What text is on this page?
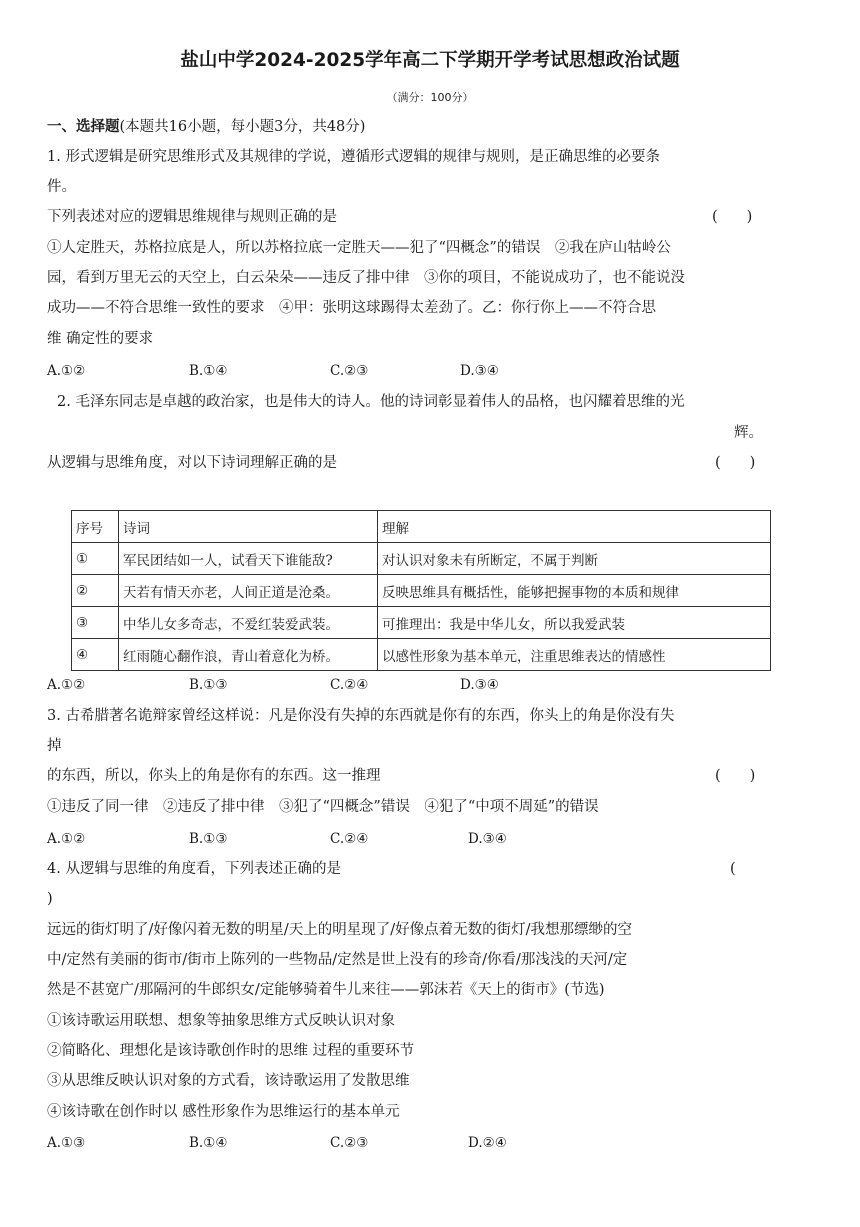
盐山中学2024-2025学年高二下学期开学考试思想政治试题
（满分：100分）
一、选择题(本题共16小题，每小题3分，共48分)
1. 形式逻辑是研究思维形式及其规律的学说，遵循形式逻辑的规律与规则，是正确思维的必要条
件。
下列表述对应的逻辑思维规律与规则正确的是	(　　)
①人定胜天，苏格拉底是人，所以苏格拉底一定胜天——犯了“四概念”的错误　②我在庐山牯岭公
园，看到万里无云的天空上，白云朵朵——违反了排中律　③你的项目，不能说成功了，也不能说没
成功——不符合思维一致性的要求　④甲：张明这球踢得太差劲了。乙：你行你上——不符合思
维 确定性的要求
A.①②	B.①④	C.②③	D.③④
2. 毛泽东同志是卓越的政治家，也是伟大的诗人。他的诗词彰显着伟人的品格，也闪耀着思维的光
辉。
从逻辑与思维角度，对以下诗词理解正确的是	(　　)
序号	诗词	理解
①	军民团结如一人，试看天下谁能敌?	对认识对象未有所断定，不属于判断
②	天若有情天亦老，人间正道是沧桑。	反映思维具有概括性，能够把握事物的本质和规律
③	中华儿女多奇志，不爱红装爱武装。	可推理出：我是中华儿女，所以我爱武装
④	红雨随心翻作浪，青山着意化为桥。	以感性形象为基本单元，注重思维表达的情感性
A.①②	B.①③	C.②④	D.③④
3. 古希腊著名诡辩家曾经这样说：凡是你没有失掉的东西就是你有的东西，你头上的角是你没有失
掉
的东西，所以，你头上的角是你有的东西。这一推理	(　　)
①违反了同一律　②违反了排中律　③犯了“四概念”错误　④犯了“中项不周延”的错误
A.①②	B.①③	C.②④	D.③④
4. 从逻辑与思维的角度看，下列表述正确的是	(
)
远远的街灯明了/好像闪着无数的明星/天上的明星现了/好像点着无数的街灯/我想那缥缈的空
中/定然有美丽的街市/街市上陈列的一些物品/定然是世上没有的珍奇/你看/那浅浅的天河/定
然是不甚宽广/那隔河的牛郎织女/定能够骑着牛儿来往——郭沫若《天上的街市》(节选)
①该诗歌运用联想、想象等抽象思维方式反映认识对象
②简略化、理想化是该诗歌创作时的思维 过程的重要环节
③从思维反映认识对象的方式看，该诗歌运用了发散思维
④该诗歌在创作时以 感性形象作为思维运行的基本单元
A.①③	B.①④	C.②③	D.②④
